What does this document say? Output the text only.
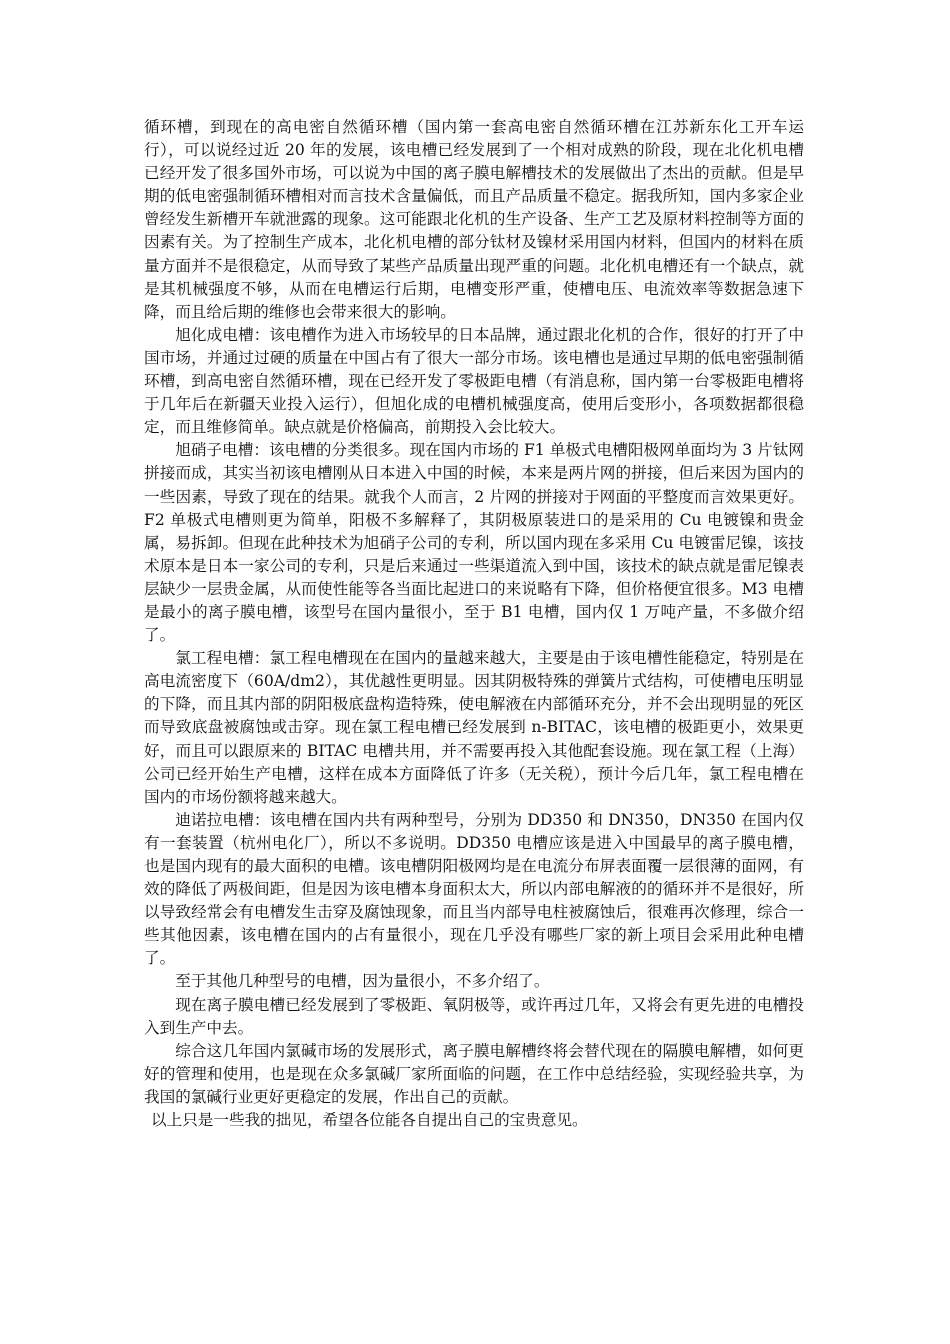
循环槽，到现在的高电密自然循环槽（国内第一套高电密自然循环槽在江苏新东化工开车运行），可以说经过近 20 年的发展，该电槽已经发展到了一个相对成熟的阶段，现在北化机电槽已经开发了很多国外市场，可以说为中国的离子膜电解槽技术的发展做出了杰出的贡献。但是早期的低电密强制循环槽相对而言技术含量偏低，而且产品质量不稳定。据我所知，国内多家企业曾经发生新槽开车就泄露的现象。这可能跟北化机的生产设备、生产工艺及原材料控制等方面的因素有关。为了控制生产成本，北化机电槽的部分钛材及镍材采用国内材料，但国内的材料在质量方面并不是很稳定，从而导致了某些产品质量出现严重的问题。北化机电槽还有一个缺点，就是其机械强度不够，从而在电槽运行后期，电槽变形严重，使槽电压、电流效率等数据急速下降，而且给后期的维修也会带来很大的影响。

旭化成电槽：该电槽作为进入市场较早的日本品牌，通过跟北化机的合作，很好的打开了中国市场，并通过过硬的质量在中国占有了很大一部分市场。该电槽也是通过早期的低电密强制循环槽，到高电密自然循环槽，现在已经开发了零极距电槽（有消息称，国内第一台零极距电槽将于几年后在新疆天业投入运行），但旭化成的电槽机械强度高，使用后变形小，各项数据都很稳定，而且维修简单。缺点就是价格偏高，前期投入会比较大。

旭硝子电槽：该电槽的分类很多。现在国内市场的 F1 单极式电槽阳极网单面均为 3 片钛网拼接而成，其实当初该电槽刚从日本进入中国的时候，本来是两片网的拼接，但后来因为国内的一些因素，导致了现在的结果。就我个人而言，2 片网的拼接对于网面的平整度而言效果更好。F2 单极式电槽则更为简单，阳极不多解释了，其阴极原装进口的是采用的 Cu 电镀镍和贵金属，易拆卸。但现在此种技术为旭硝子公司的专利，所以国内现在多采用 Cu 电镀雷尼镍，该技术原本是日本一家公司的专利，只是后来通过一些渠道流入到中国，该技术的缺点就是雷尼镍表层缺少一层贵金属，从而使性能等各当面比起进口的来说略有下降，但价格便宜很多。M3 电槽是最小的离子膜电槽，该型号在国内量很小，至于 B1 电槽，国内仅 1 万吨产量，不多做介绍了。

氯工程电槽：氯工程电槽现在在国内的量越来越大，主要是由于该电槽性能稳定，特别是在高电流密度下（60A/dm2），其优越性更明显。因其阴极特殊的弹簧片式结构，可使槽电压明显的下降，而且其内部的阴阳极底盘构造特殊，使电解液在内部循环充分，并不会出现明显的死区而导致底盘被腐蚀或击穿。现在氯工程电槽已经发展到 n-BITAC，该电槽的极距更小，效果更好，而且可以跟原来的 BITAC 电槽共用，并不需要再投入其他配套设施。现在氯工程（上海）公司已经开始生产电槽，这样在成本方面降低了许多（无关税），预计今后几年，氯工程电槽在国内的市场份额将越来越大。

迪诺拉电槽：该电槽在国内共有两种型号，分别为 DD350 和 DN350，DN350 在国内仅有一套装置（杭州电化厂），所以不多说明。DD350 电槽应该是进入中国最早的离子膜电槽，也是国内现有的最大面积的电槽。该电槽阴阳极网均是在电流分布屏表面覆一层很薄的面网，有效的降低了两极间距，但是因为该电槽本身面积太大，所以内部电解液的的循环并不是很好，所以导致经常会有电槽发生击穿及腐蚀现象，而且当内部导电柱被腐蚀后，很难再次修理，综合一些其他因素，该电槽在国内的占有量很小，现在几乎没有哪些厂家的新上项目会采用此种电槽了。

至于其他几种型号的电槽，因为量很小，不多介绍了。

现在离子膜电槽已经发展到了零极距、氧阴极等，或许再过几年，又将会有更先进的电槽投入到生产中去。

综合这几年国内氯碱市场的发展形式，离子膜电解槽终将会替代现在的隔膜电解槽，如何更好的管理和使用，也是现在众多氯碱厂家所面临的问题，在工作中总结经验，实现经验共享，为我国的氯碱行业更好更稳定的发展，作出自己的贡献。

以上只是一些我的拙见，希望各位能各自提出自己的宝贵意见。
